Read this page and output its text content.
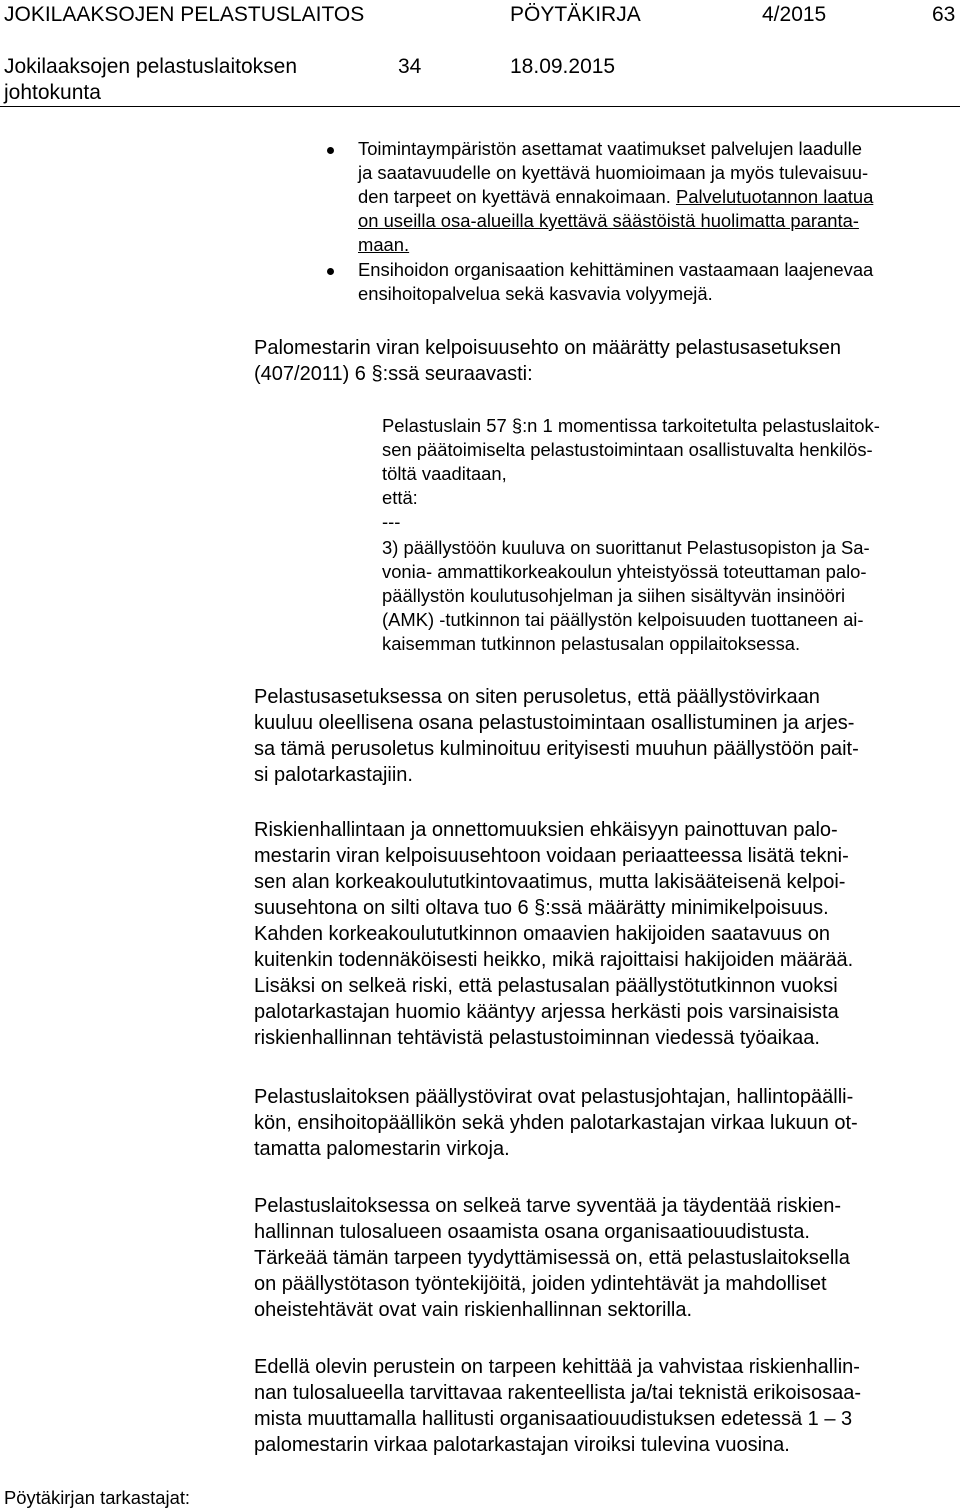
JOKILAAKSOJEN PELASTUSLAITOS	PÖYTÄKIRJA	4/2015	63
Jokilaaksojen pelastuslaitoksen
johtokunta
34	18.09.2015
Toimintaympäristön asettamat vaatimukset palvelujen laadulle
ja saatavuudelle on kyettävä huomioimaan ja myös tulevaisuu-
den tarpeet on kyettävä ennakoimaan. Palvelutuotannon laatua
on useilla osa-alueilla kyettävä säästöistä huolimatta paranta-
maan.
Ensihoidon organisaation kehittäminen vastaamaan laajenevaa
ensihoitopalvelua sekä kasvavia volyymejä.
Palomestarin viran kelpoisuusehto on määrätty pelastusasetuksen
(407/2011) 6 §:ssä seuraavasti:
Pelastuslain 57 §:n 1 momentissa tarkoitetulta pelastuslaitok-
sen päätoimiselta pelastustoimintaan osallistuvalta henkilös-
töltä vaaditaan,
että:
---
3) päällystöön kuuluva on suorittanut Pelastusopiston ja Sa-
vonia- ammattikorkeakoulun yhteistyössä toteuttaman palo-
päällystön koulutusohjelman ja siihen sisältyvän insinööri
(AMK) -tutkinnon tai päällystön kelpoisuuden tuottaneen ai-
kaisemman tutkinnon pelastusalan oppilaitoksessa.
Pelastusasetuksessa on siten perusoletus, että päällystövirkaan
kuuluu oleellisena osana pelastustoimintaan osallistuminen ja arjes-
sa tämä perusoletus kulminoituu erityisesti muuhun päällystöön pait-
si palotarkastajiin.
Riskienhallintaan ja onnettomuuksien ehkäisyyn painottuvan palo-
mestarin viran kelpoisuusehtoon voidaan periaatteessa lisätä tekni-
sen alan korkeakoulututkintovaatimus, mutta lakisääteisenä kelpoi-
suusehtona on silti oltava tuo 6 §:ssä määrätty minimikelpoisuus.
Kahden korkeakoulututkinnon omaavien hakijoiden saatavuus on
kuitenkin todennäköisesti heikko, mikä rajoittaisi hakijoiden määrää.
Lisäksi on selkeä riski, että pelastusalan päällystötutkinnon vuoksi
palotarkastajan huomio kääntyy arjessa herkästi pois varsinaisista
riskienhallinnan tehtävistä pelastustoiminnan viedessä työaikaa.
Pelastuslaitoksen päällystövirat ovat pelastusjohtajan, hallintopäälli-
kön, ensihoitopäällikön sekä yhden palotarkastajan virkaa lukuun ot-
tamatta palomestarin virkoja.
Pelastuslaitoksessa on selkeä tarve syventää ja täydentää riskien-
hallinnan tulosalueen osaamista osana organisaatiouudistusta.
Tärkeää tämän tarpeen tyydyttämisessä on, että pelastuslaitoksella
on päällystötason työntekijöitä, joiden ydintehtävät ja mahdolliset
oheistehtävät ovat vain riskienhallinnan sektorilla.
Edellä olevin perustein on tarpeen kehittää ja vahvistaa riskienhallin-
nan tulosalueella tarvittavaa rakenteellista ja/tai teknistä erikoisosaa-
mista muuttamalla hallitusti organisaatiouudistuksen edetessä 1 – 3
palomestarin virkaa palotarkastajan viroiksi tulevina vuosina.
Pöytäkirjan tarkastajat:
